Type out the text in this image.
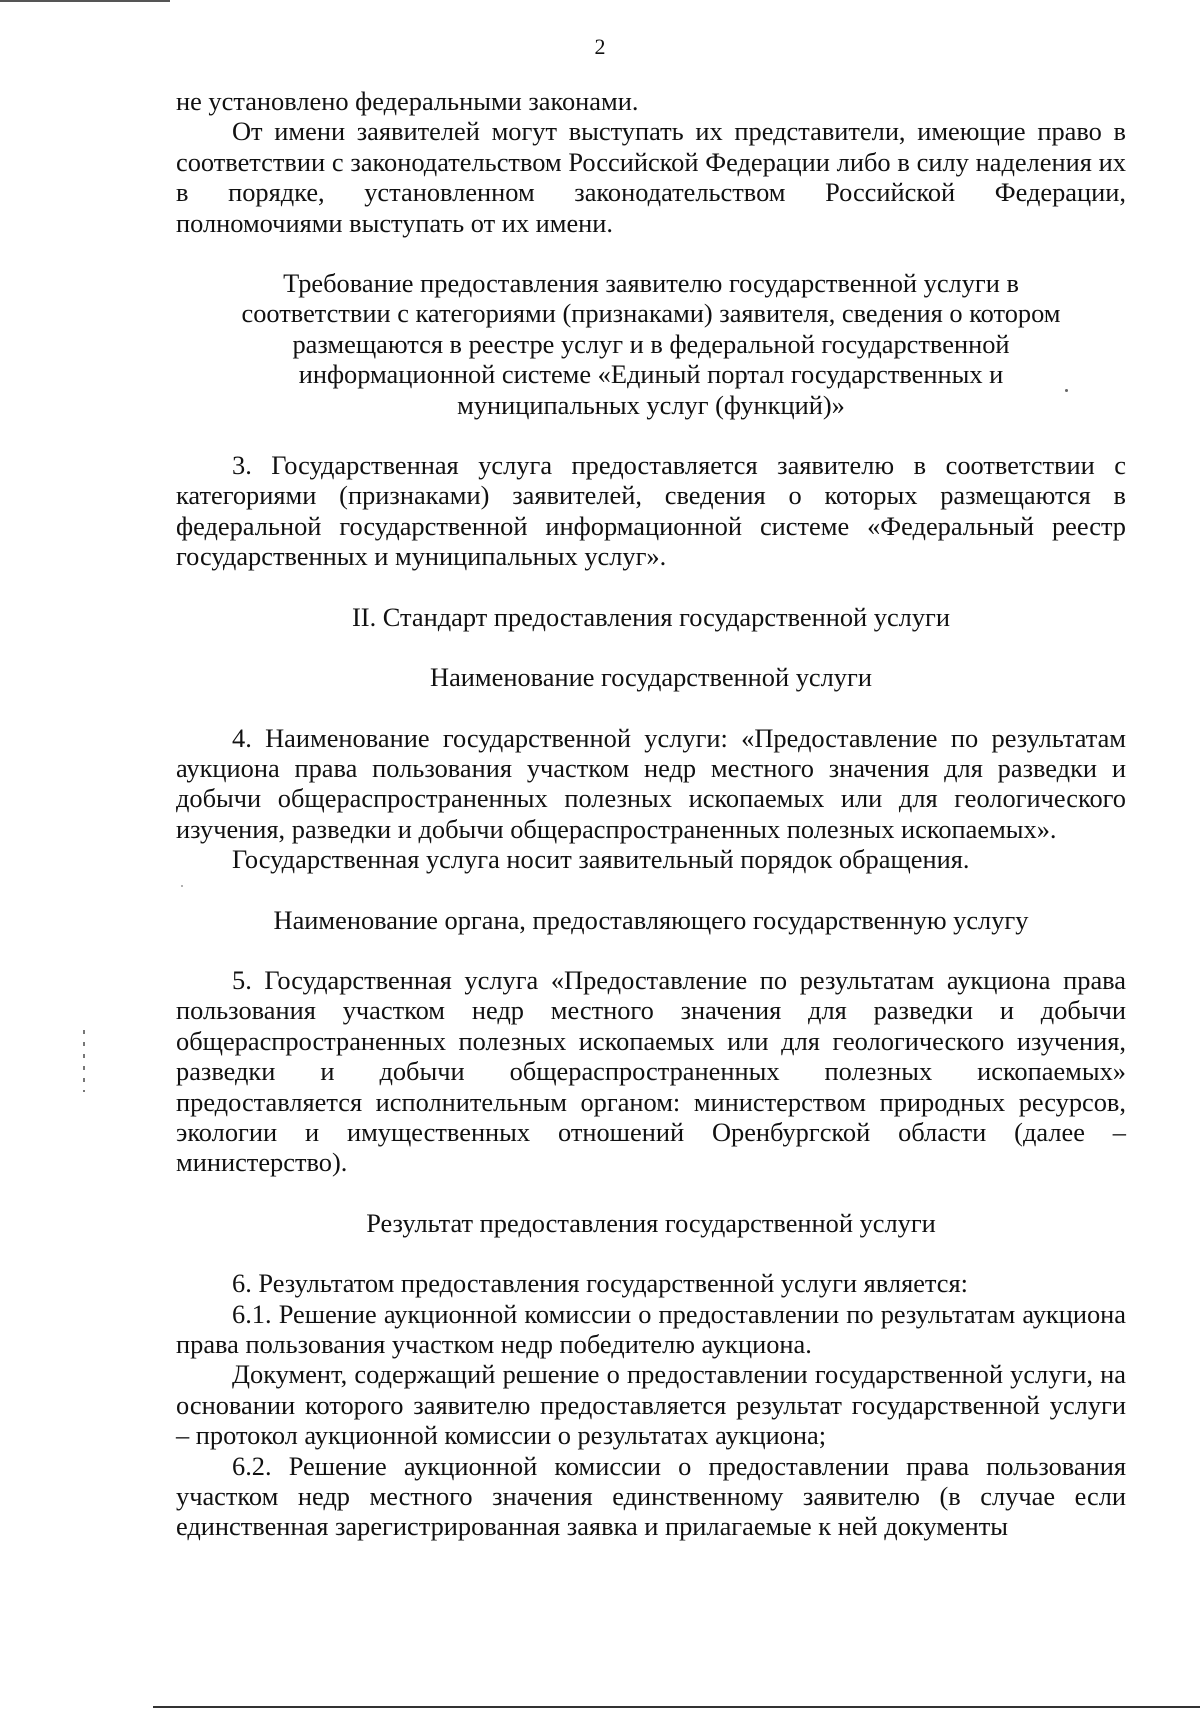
2

не установлено федеральными законами.

От имени заявителей могут выступать их представители, имеющие право в соответствии с законодательством Российской Федерации либо в силу наделения их в порядке, установленном законодательством Российской Федерации, полномочиями выступать от их имени.

Требование предоставления заявителю государственной услуги в

соответствии с категориями (признаками) заявителя, сведения о котором

размещаются в реестре услуг и в федеральной государственной

информационной системе «Единый портал государственных и

муниципальных услуг (функций)»

3. Государственная услуга предоставляется заявителю в соответствии с категориями (признаками) заявителей, сведения о которых размещаются в федеральной государственной информационной системе «Федеральный реестр государственных и муниципальных услуг».

II. Стандарт предоставления государственной услуги

Наименование государственной услуги

4. Наименование государственной услуги: «Предоставление по результатам аукциона права пользования участком недр местного значения для разведки и добычи общераспространенных полезных ископаемых или для геологического изучения, разведки и добычи общераспространенных полезных ископаемых».

Государственная услуга носит заявительный порядок обращения.

Наименование органа, предоставляющего государственную услугу

5. Государственная услуга «Предоставление по результатам аукциона права пользования участком недр местного значения для разведки и добычи общераспространенных полезных ископаемых или для геологического изучения, разведки и добычи общераспространенных полезных ископаемых» предоставляется исполнительным органом: министерством природных ресурсов, экологии и имущественных отношений Оренбургской области (далее – министерство).

Результат предоставления государственной услуги

6. Результатом предоставления государственной услуги является:

6.1. Решение аукционной комиссии о предоставлении по результатам аукциона права пользования участком недр победителю аукциона.

Документ, содержащий решение о предоставлении государственной услуги, на основании которого заявителю предоставляется результат государственной услуги – протокол аукционной комиссии о результатах аукциона;

6.2. Решение аукционной комиссии о предоставлении права пользования участком недр местного значения единственному заявителю (в случае если единственная зарегистрированная заявка и прилагаемые к ней документы
